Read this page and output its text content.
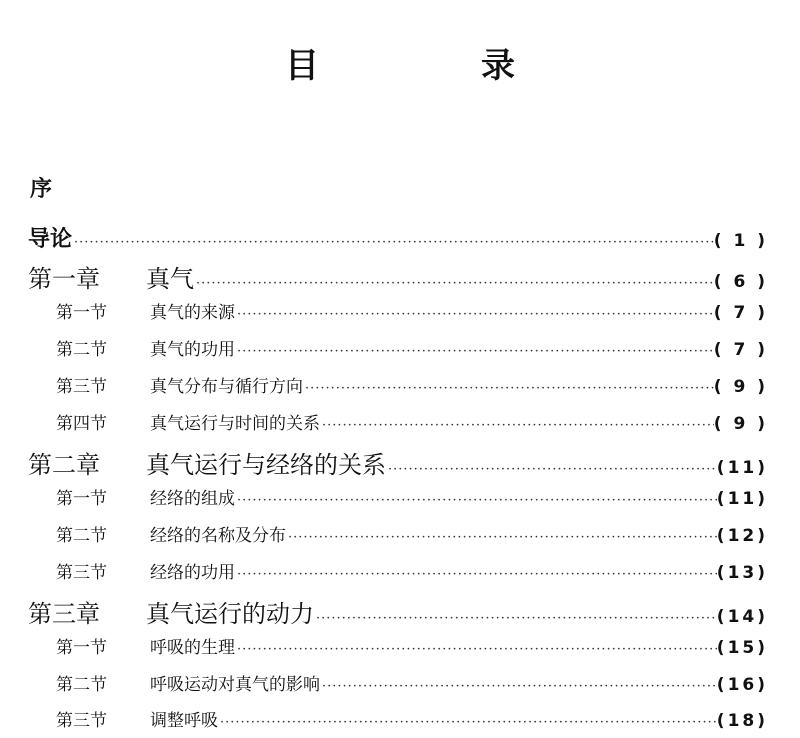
目　录
序
导论 ·····	( 1 )
第一章 真气 ·····	( 6 )
第一节	真气的来源 ·····	( 7 )
第二节	真气的功用 ·····	( 7 )
第三节	真气分布与循行方向 ·····	( 9 )
第四节	真气运行与时间的关系 ·····	( 9 )
第二章 真气运行与经络的关系 ·····	(11)
第一节	经络的组成 ·····	(11)
第二节	经络的名称及分布 ·····	(12)
第三节	经络的功用 ·····	(13)
第三章 真气运行的动力 ·····	(14)
第一节	呼吸的生理 ·····	(15)
第二节	呼吸运动对真气的影响 ·····	(16)
第三节	调整呼吸 ·····	(18)
